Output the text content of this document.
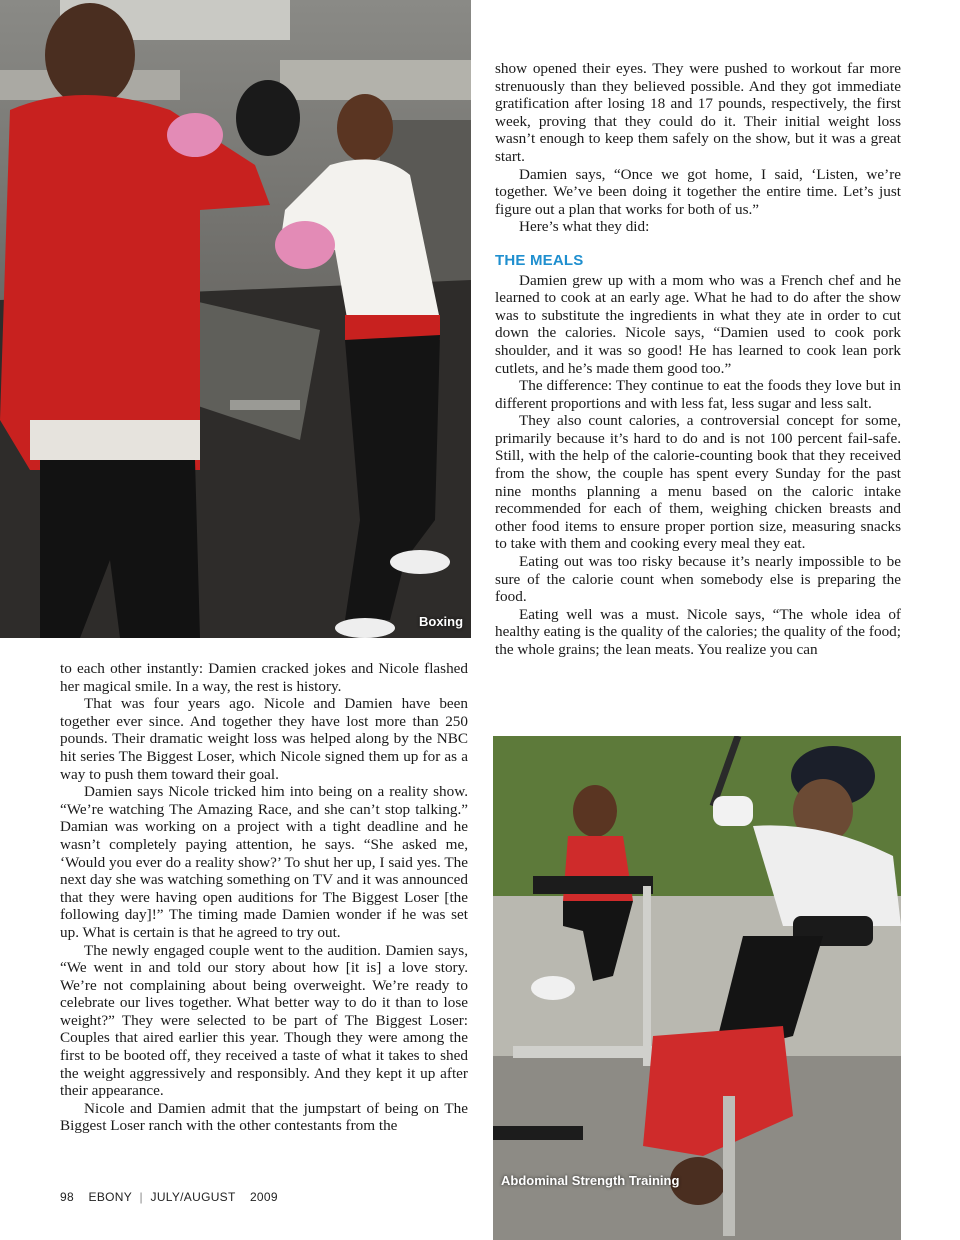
Boxing

to each other instantly: Damien cracked jokes and Nicole flashed her magical smile. In a way, the rest is history.

That was four years ago. Nicole and Damien have been together ever since. And together they have lost more than 250 pounds. Their dramatic weight loss was helped along by the NBC hit series The Biggest Loser, which Nicole signed them up for as a way to push them toward their goal.

Damien says Nicole tricked him into being on a reality show. “We’re watching The Amazing Race, and she can’t stop talking.” Damian was working on a project with a tight deadline and he wasn’t completely paying attention, he says. “She asked me, ‘Would you ever do a reality show?’ To shut her up, I said yes. The next day she was watching something on TV and it was announced that they were having open auditions for The Biggest Loser [the following day]!” The timing made Damien wonder if he was set up. What is certain is that he agreed to try out.

The newly engaged couple went to the audition. Damien says, “We went in and told our story about how [it is] a love story. We’re not complaining about being overweight. We’re ready to celebrate our lives together. What better way to do it than to lose weight?” They were selected to be part of The Biggest Loser: Couples that aired earlier this year. Though they were among the first to be booted off, they received a taste of what it takes to shed the weight aggressively and responsibly. And they kept it up after their appearance.

Nicole and Damien admit that the jumpstart of being on The Biggest Loser ranch with the other contestants from the

show opened their eyes. They were pushed to workout far more strenuously than they believed possible. And they got immediate gratification after losing 18 and 17 pounds, respectively, the first week, proving that they could do it. Their initial weight loss wasn’t enough to keep them safely on the show, but it was a great start.

Damien says, “Once we got home, I said, ‘Listen, we’re together. We’ve been doing it together the entire time. Let’s just figure out a plan that works for both of us.”

Here’s what they did:

THE MEALS

Damien grew up with a mom who was a French chef and he learned to cook at an early age. What he had to do after the show was to substitute the ingredients in what they ate in order to cut down the calories. Nicole says, “Damien used to cook pork shoulder, and it was so good! He has learned to cook lean pork cutlets, and he’s made them good too.”

The difference: They continue to eat the foods they love but in different proportions and with less fat, less sugar and less salt.

They also count calories, a controversial concept for some, primarily because it’s hard to do and is not 100 percent fail-safe. Still, with the help of the calorie-counting book that they received from the show, the couple has spent every Sunday for the past nine months planning a menu based on the caloric intake recommended for each of them, weighing chicken breasts and other food items to ensure proper portion size, measuring snacks to take with them and cooking every meal they eat.

Eating out was too risky because it’s nearly impossible to be sure of the calorie count when somebody else is preparing the food.

Eating well was a must. Nicole says, “The whole idea of healthy eating is the quality of the calories; the quality of the food; the whole grains; the lean meats. You realize you can

Abdominal Strength Training
98 EBONY | JULY/AUGUST 2009
